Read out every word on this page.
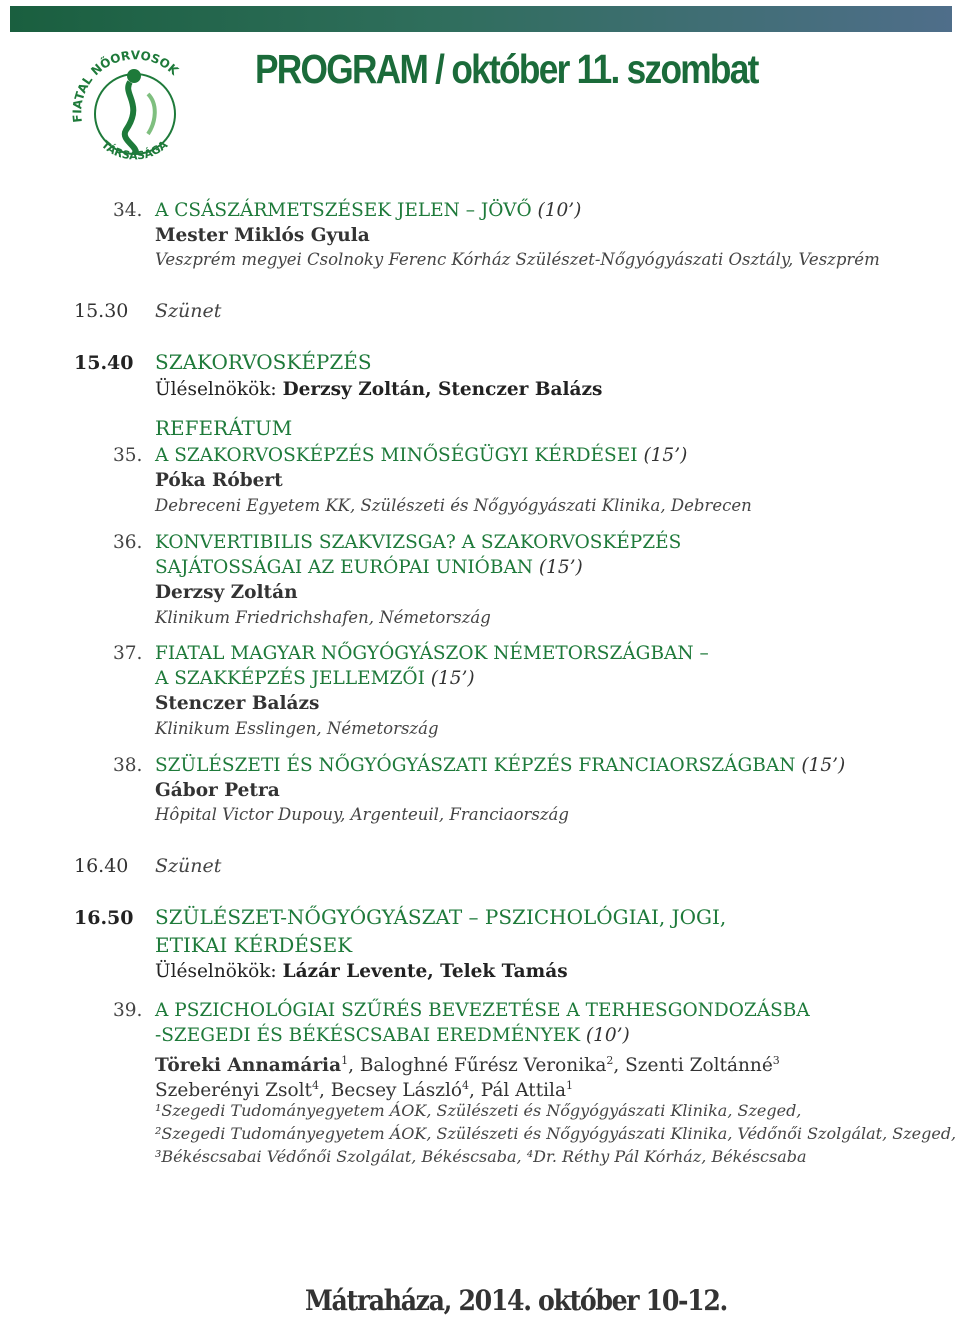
FIATAL NŐORVOSOK
TÁRSASÁGA
PROGRAM / október 11. szombat
34. A CSÁSZÁRMETSZÉSEK JELEN – JÖVŐ (10’)
Mester Miklós Gyula
Veszprém megyei Csolnoky Ferenc Kórház Szülészet-Nőgyógyászati Osztály, Veszprém
15.30 Szünet
15.40 SZAKORVOSKÉPZÉS
Üléselnökök: Derzsy Zoltán, Stenczer Balázs
REFERÁTUM
35. A SZAKORVOSKÉPZÉS MINŐSÉGÜGYI KÉRDÉSEI (15’)
Póka Róbert
Debreceni Egyetem KK, Szülészeti és Nőgyógyászati Klinika, Debrecen
36. KONVERTIBILIS SZAKVIZSGA? A SZAKORVOSKÉPZÉS
SAJÁTOSSÁGAI AZ EURÓPAI UNIÓBAN (15’)
Derzsy Zoltán
Klinikum Friedrichshafen, Németország
37. FIATAL MAGYAR NŐGYÓGYÁSZOK NÉMETORSZÁGBAN –
A SZAKKÉPZÉS JELLEMZŐI (15’)
Stenczer Balázs
Klinikum Esslingen, Németország
38. SZÜLÉSZETI ÉS NŐGYÓGYÁSZATI KÉPZÉS FRANCIAORSZÁGBAN (15’)
Gábor Petra
Hôpital Victor Dupouy, Argenteuil, Franciaország
16.40 Szünet
16.50 SZÜLÉSZET-NŐGYÓGYÁSZAT – PSZICHOLÓGIAI, JOGI,
ETIKAI KÉRDÉSEK
Üléselnökök: Lázár Levente, Telek Tamás
39. A PSZICHOLÓGIAI SZŰRÉS BEVEZETÉSE A TERHESGONDOZÁSBA
-SZEGEDI ÉS BÉKÉSCSABAI EREDMÉNYEK (10’)
Töreki Annamária$^1$, Baloghné Fűrész Veronika$^2$, Szenti Zoltánné$^3$
Szeberényi Zsolt$^4$, Becsey László$^4$, Pál Attila$^1$
¹Szegedi Tudományegyetem ÁOK, Szülészeti és Nőgyógyászati Klinika, Szeged,
²Szegedi Tudományegyetem ÁOK, Szülészeti és Nőgyógyászati Klinika, Védőnői Szolgálat, Szeged,
³Békéscsabai Védőnői Szolgálat, Békéscsaba, ⁴Dr. Réthy Pál Kórház, Békéscsaba
Mátraháza, 2014. október 10-12.
